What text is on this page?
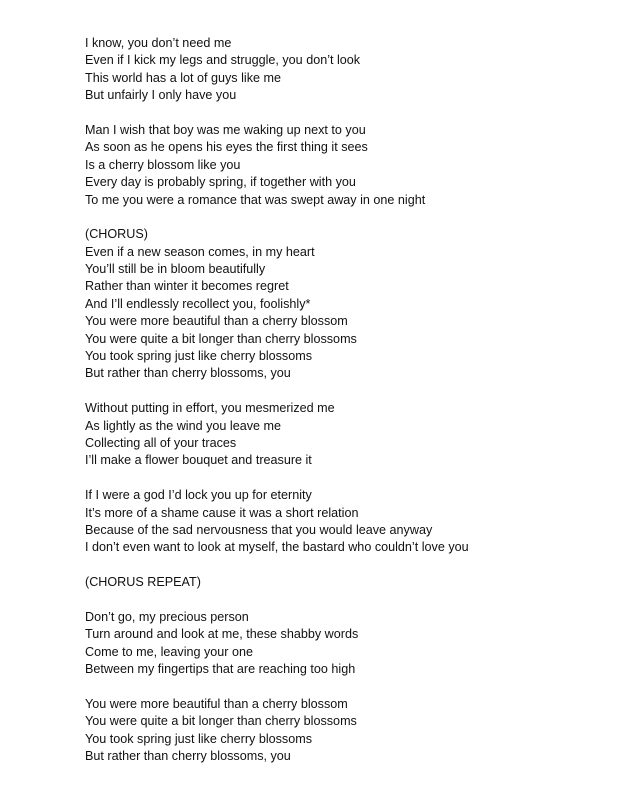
I know, you don’t need me
Even if I kick my legs and struggle, you don’t look
This world has a lot of guys like me
But unfairly I only have you
Man I wish that boy was me waking up next to you
As soon as he opens his eyes the first thing it sees
Is a cherry blossom like you
Every day is probably spring, if together with you
To me you were a romance that was swept away in one night
(CHORUS)
Even if a new season comes, in my heart
You’ll still be in bloom beautifully
Rather than winter it becomes regret
And I’ll endlessly recollect you, foolishly*
You were more beautiful than a cherry blossom
You were quite a bit longer than cherry blossoms
You took spring just like cherry blossoms
But rather than cherry blossoms, you
Without putting in effort, you mesmerized me
As lightly as the wind you leave me
Collecting all of your traces
I’ll make a flower bouquet and treasure it
If I were a god I’d lock you up for eternity
It’s more of a shame cause it was a short relation
Because of the sad nervousness that you would leave anyway
I don’t even want to look at myself, the bastard who couldn’t love you
(CHORUS REPEAT)
Don’t go, my precious person
Turn around and look at me, these shabby words
Come to me, leaving your one
Between my fingertips that are reaching too high
You were more beautiful than a cherry blossom
You were quite a bit longer than cherry blossoms
You took spring just like cherry blossoms
But rather than cherry blossoms, you
